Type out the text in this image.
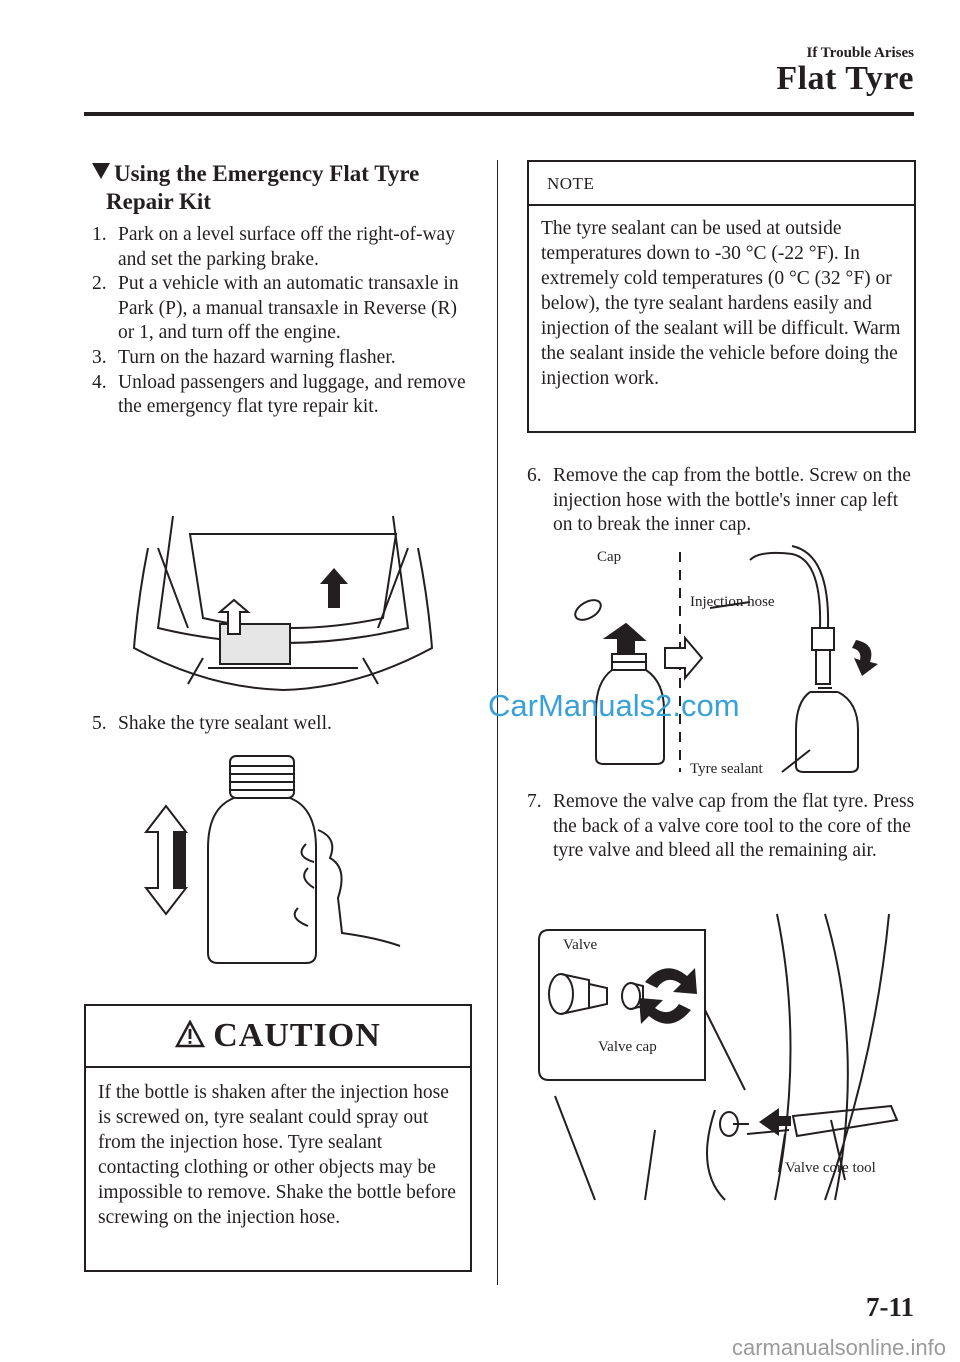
If Trouble Arises
Flat Tyre
Using the Emergency Flat Tyre
Repair Kit
1. Park on a level surface off the right-of-way and set the parking brake.
2. Put a vehicle with an automatic transaxle in Park (P), a manual transaxle in Reverse (R) or 1, and turn off the engine.
3. Turn on the hazard warning flasher.
4. Unload passengers and luggage, and remove the emergency flat tyre repair kit.
5. Shake the tyre sealant well.
CAUTION
If the bottle is shaken after the injection hose is screwed on, tyre sealant could spray out from the injection hose. Tyre sealant contacting clothing or other objects may be impossible to remove. Shake the bottle before screwing on the injection hose.
NOTE
The tyre sealant can be used at outside temperatures down to -30 °C (-22 °F). In extremely cold temperatures (0 °C (32 °F) or below), the tyre sealant hardens easily and injection of the sealant will be difficult. Warm the sealant inside the vehicle before doing the injection work.
6. Remove the cap from the bottle. Screw on the injection hose with the bottle's inner cap left on to break the inner cap.
Cap
Injection hose
Tyre sealant
CarManuals2.com
7. Remove the valve cap from the flat tyre. Press the back of a valve core tool to the core of the tyre valve and bleed all the remaining air.
Valve
Valve cap
Valve core tool
7-11
carmanualsonline.info
